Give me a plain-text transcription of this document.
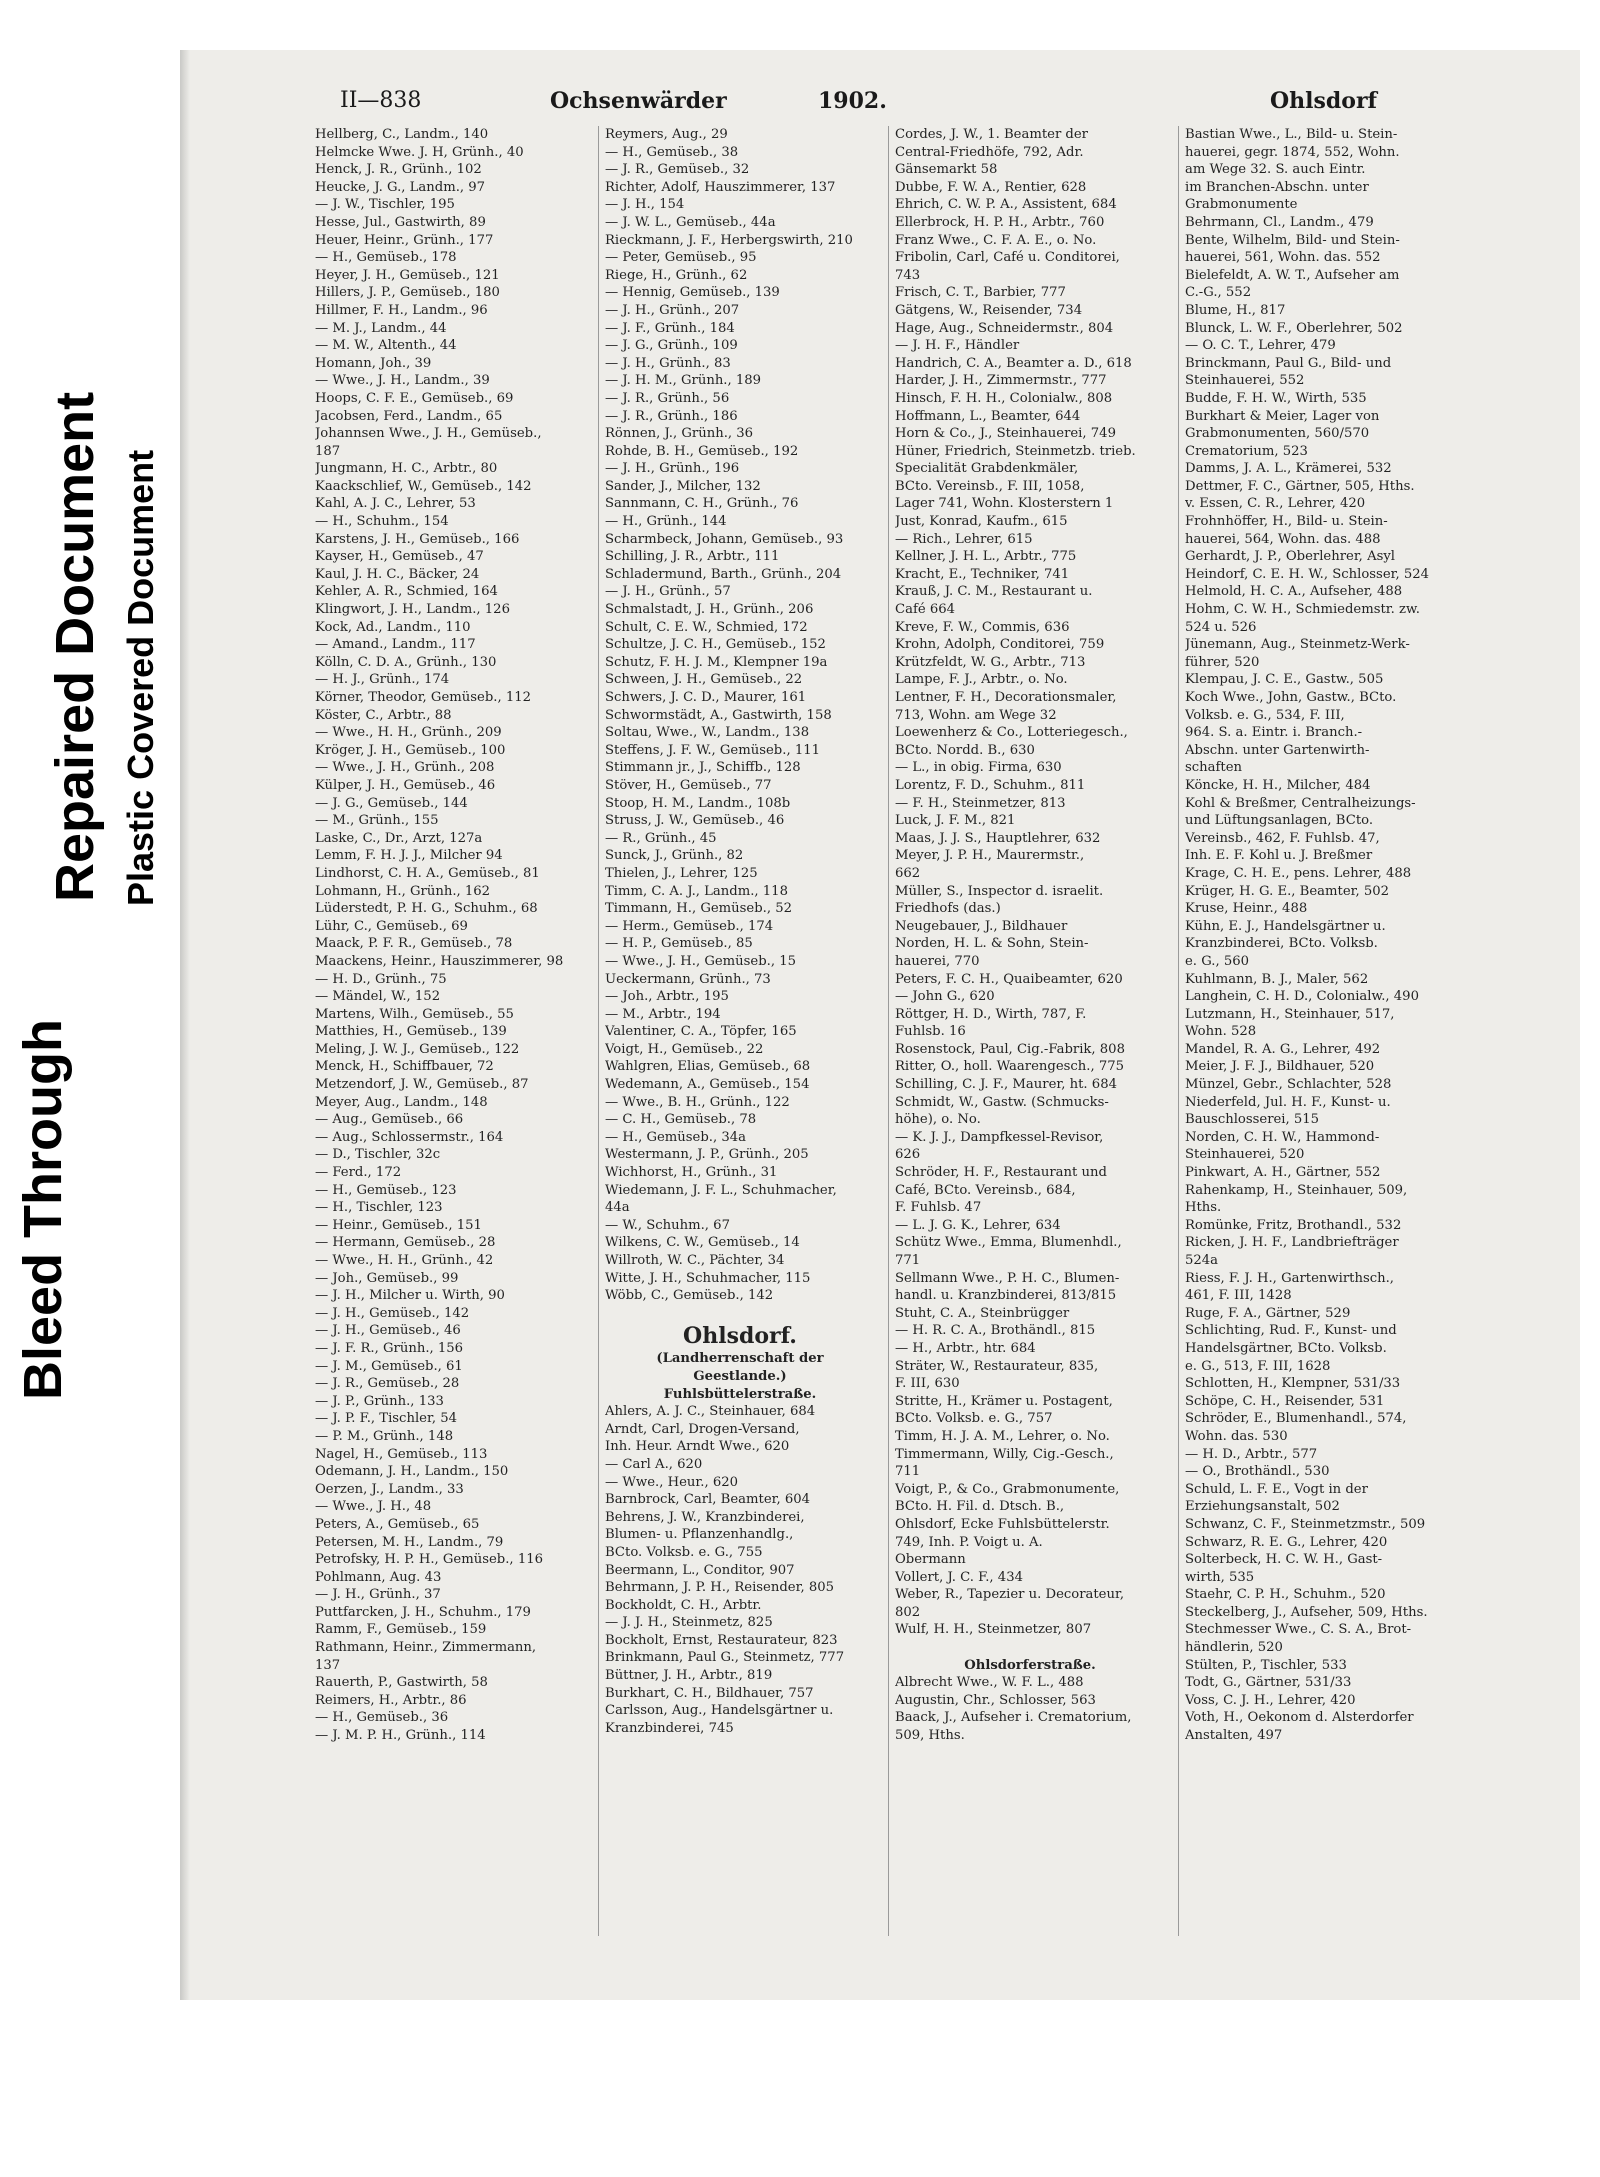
Bleed Through
Repaired Document Plastic Covered Document
II—838	Ochsenwärder	1902.	Ohlsdorf
Hellberg, C., Landm., 140
Helmcke Wwe. J. H, Grünh., 40
Henck, J. R., Grünh., 102
Heucke, J. G., Landm., 97
— J. W., Tischler, 195
Hesse, Jul., Gastwirth, 89
Heuer, Heinr., Grünh., 177
— H., Gemüseb., 178
Heyer, J. H., Gemüseb., 121
Hillers, J. P., Gemüseb., 180
Hillmer, F. H., Landm., 96
— M. J., Landm., 44
— M. W., Altenth., 44
Homann, Joh., 39
— Wwe., J. H., Landm., 39
Hoops, C. F. E., Gemüseb., 69
Jacobsen, Ferd., Landm., 65
Johannsen Wwe., J. H., Gemüseb.,
187
Jungmann, H. C., Arbtr., 80
Kaackschlief, W., Gemüseb., 142
Kahl, A. J. C., Lehrer, 53
— H., Schuhm., 154
Karstens, J. H., Gemüseb., 166
Kayser, H., Gemüseb., 47
Kaul, J. H. C., Bäcker, 24
Kehler, A. R., Schmied, 164
Klingwort, J. H., Landm., 126
Kock, Ad., Landm., 110
— Amand., Landm., 117
Kölln, C. D. A., Grünh., 130
— H. J., Grünh., 174
Körner, Theodor, Gemüseb., 112
Köster, C., Arbtr., 88
— Wwe., H. H., Grünh., 209
Kröger, J. H., Gemüseb., 100
— Wwe., J. H., Grünh., 208
Külper, J. H., Gemüseb., 46
— J. G., Gemüseb., 144
— M., Grünh., 155
Laske, C., Dr., Arzt, 127a
Lemm, F. H. J. J., Milcher 94
Lindhorst, C. H. A., Gemüseb., 81
Lohmann, H., Grünh., 162
Lüderstedt, P. H. G., Schuhm., 68
Lühr, C., Gemüseb., 69
Maack, P. F. R., Gemüseb., 78
Maackens, Heinr., Hauszimmerer, 98
— H. D., Grünh., 75
— Mändel, W., 152
Martens, Wilh., Gemüseb., 55
Matthies, H., Gemüseb., 139
Meling, J. W. J., Gemüseb., 122
Menck, H., Schiffbauer, 72
Metzendorf, J. W., Gemüseb., 87
Meyer, Aug., Landm., 148
— Aug., Gemüseb., 66
— Aug., Schlossermstr., 164
— D., Tischler, 32c
— Ferd., 172
— H., Gemüseb., 123
— H., Tischler, 123
— Heinr., Gemüseb., 151
— Hermann, Gemüseb., 28
— Wwe., H. H., Grünh., 42
— Joh., Gemüseb., 99
— J. H., Milcher u. Wirth, 90
— J. H., Gemüseb., 142
— J. H., Gemüseb., 46
— J. F. R., Grünh., 156
— J. M., Gemüseb., 61
— J. R., Gemüseb., 28
— J. P., Grünh., 133
— J. P. F., Tischler, 54
— P. M., Grünh., 148
Nagel, H., Gemüseb., 113
Odemann, J. H., Landm., 150
Oerzen, J., Landm., 33
— Wwe., J. H., 48
Peters, A., Gemüseb., 65
Petersen, M. H., Landm., 79
Petrofsky, H. P. H., Gemüseb., 116
Pohlmann, Aug. 43
— J. H., Grünh., 37
Puttfarcken, J. H., Schuhm., 179
Ramm, F., Gemüseb., 159
Rathmann, Heinr., Zimmermann,
137
Rauerth, P., Gastwirth, 58
Reimers, H., Arbtr., 86
— H., Gemüseb., 36
— J. M. P. H., Grünh., 114
Reymers, Aug., 29
— H., Gemüseb., 38
— J. R., Gemüseb., 32
Richter, Adolf, Hauszimmerer, 137
— J. H., 154
— J. W. L., Gemüseb., 44a
Rieckmann, J. F., Herbergswirth, 210
— Peter, Gemüseb., 95
Riege, H., Grünh., 62
— Hennig, Gemüseb., 139
— J. H., Grünh., 207
— J. F., Grünh., 184
— J. G., Grünh., 109
— J. H., Grünh., 83
— J. H. M., Grünh., 189
— J. R., Grünh., 56
— J. R., Grünh., 186
Rönnen, J., Grünh., 36
Rohde, B. H., Gemüseb., 192
— J. H., Grünh., 196
Sander, J., Milcher, 132
Sannmann, C. H., Grünh., 76
— H., Grünh., 144
Scharmbeck, Johann, Gemüseb., 93
Schilling, J. R., Arbtr., 111
Schladermund, Barth., Grünh., 204
— J. H., Grünh., 57
Schmalstadt, J. H., Grünh., 206
Schult, C. E. W., Schmied, 172
Schultze, J. C. H., Gemüseb., 152
Schutz, F. H. J. M., Klempner 19a
Schween, J. H., Gemüseb., 22
Schwers, J. C. D., Maurer, 161
Schwormstädt, A., Gastwirth, 158
Soltau, Wwe., W., Landm., 138
Steffens, J. F. W., Gemüseb., 111
Stimmann jr., J., Schiffb., 128
Stöver, H., Gemüseb., 77
Stoop, H. M., Landm., 108b
Struss, J. W., Gemüseb., 46
— R., Grünh., 45
Sunck, J., Grünh., 82
Thielen, J., Lehrer, 125
Timm, C. A. J., Landm., 118
Timmann, H., Gemüseb., 52
— Herm., Gemüseb., 174
— H. P., Gemüseb., 85
— Wwe., J. H., Gemüseb., 15
Ueckermann, Grünh., 73
— Joh., Arbtr., 195
— M., Arbtr., 194
Valentiner, C. A., Töpfer, 165
Voigt, H., Gemüseb., 22
Wahlgren, Elias, Gemüseb., 68
Wedemann, A., Gemüseb., 154
— Wwe., B. H., Grünh., 122
— C. H., Gemüseb., 78
— H., Gemüseb., 34a
Westermann, J. P., Grünh., 205
Wichhorst, H., Grünh., 31
Wiedemann, J. F. L., Schuhmacher,
44a
— W., Schuhm., 67
Wilkens, C. W., Gemüseb., 14
Willroth, W. C., Pächter, 34
Witte, J. H., Schuhmacher, 115
Wöbb, C., Gemüseb., 142

Ohlsdorf.
(Landherrenschaft der
Geestlande.)
Fuhlsbüttelerstraße.
Ahlers, A. J. C., Steinhauer, 684
Arndt, Carl, Drogen-Versand,
Inh. Heur. Arndt Wwe., 620
— Carl A., 620
— Wwe., Heur., 620
Barnbrock, Carl, Beamter, 604
Behrens, J. W., Kranzbinderei,
Blumen- u. Pflanzenhandlg.,
BCto. Volksb. e. G., 755
Beermann, L., Conditor, 907
Behrmann, J. P. H., Reisender, 805
Bockholdt, C. H., Arbtr.
— J. J. H., Steinmetz, 825
Bockholt, Ernst, Restaurateur, 823
Brinkmann, Paul G., Steinmetz, 777
Büttner, J. H., Arbtr., 819
Burkhart, C. H., Bildhauer, 757
Carlsson, Aug., Handelsgärtner u.
Kranzbinderei, 745
Cordes, J. W., 1. Beamter der
Central-Friedhöfe, 792, Adr.
Gänsemarkt 58
Dubbe, F. W. A., Rentier, 628
Ehrich, C. W. P. A., Assistent, 684
Ellerbrock, H. P. H., Arbtr., 760
Franz Wwe., C. F. A. E., o. No.
Fribolin, Carl, Café u. Conditorei,
743
Frisch, C. T., Barbier, 777
Gätgens, W., Reisender, 734
Hage, Aug., Schneidermstr., 804
— J. H. F., Händler
Handrich, C. A., Beamter a. D., 618
Harder, J. H., Zimmermstr., 777
Hinsch, F. H. H., Colonialw., 808
Hoffmann, L., Beamter, 644
Horn & Co., J., Steinhauerei, 749
Hüner, Friedrich, Steinmetzb. trieb.
Specialität Grabdenkmäler,
BCto. Vereinsb., F. III, 1058,
Lager 741, Wohn. Klosterstern 1
Just, Konrad, Kaufm., 615
— Rich., Lehrer, 615
Kellner, J. H. L., Arbtr., 775
Kracht, E., Techniker, 741
Krauß, J. C. M., Restaurant u.
Café 664
Kreve, F. W., Commis, 636
Krohn, Adolph, Conditorei, 759
Krützfeldt, W. G., Arbtr., 713
Lampe, F. J., Arbtr., o. No.
Lentner, F. H., Decorationsmaler,
713, Wohn. am Wege 32
Loewenherz & Co., Lotteriegesch.,
BCto. Nordd. B., 630
— L., in obig. Firma, 630
Lorentz, F. D., Schuhm., 811
— F. H., Steinmetzer, 813
Luck, J. F. M., 821
Maas, J. J. S., Hauptlehrer, 632
Meyer, J. P. H., Maurermstr.,
662
Müller, S., Inspector d. israelit.
Friedhofs (das.)
Neugebauer, J., Bildhauer
Norden, H. L. & Sohn, Stein-
hauerei, 770
Peters, F. C. H., Quaibeamter, 620
— John G., 620
Röttger, H. D., Wirth, 787, F.
Fuhlsb. 16
Rosenstock, Paul, Cig.-Fabrik, 808
Ritter, O., holl. Waarengesch., 775
Schilling, C. J. F., Maurer, ht. 684
Schmidt, W., Gastw. (Schmucks-
höhe), o. No.
— K. J. J., Dampfkessel-Revisor,
626
Schröder, H. F., Restaurant und
Café, BCto. Vereinsb., 684,
F. Fuhlsb. 47
— L. J. G. K., Lehrer, 634
Schütz Wwe., Emma, Blumenhdl.,
771
Sellmann Wwe., P. H. C., Blumen-
handl. u. Kranzbinderei, 813/815
Stuht, C. A., Steinbrügger
— H. R. C. A., Brothändl., 815
— H., Arbtr., htr. 684
Sträter, W., Restaurateur, 835,
F. III, 630
Stritte, H., Krämer u. Postagent,
BCto. Volksb. e. G., 757
Timm, H. J. A. M., Lehrer, o. No.
Timmermann, Willy, Cig.-Gesch.,
711
Voigt, P., & Co., Grabmonumente,
BCto. H. Fil. d. Dtsch. B.,
Ohlsdorf, Ecke Fuhlsbüttelerstr.
749, Inh. P. Voigt u. A.
Obermann
Vollert, J. C. F., 434
Weber, R., Tapezier u. Decorateur,
802
Wulf, H. H., Steinmetzer, 807

Ohlsdorferstraße.
Albrecht Wwe., W. F. L., 488
Augustin, Chr., Schlosser, 563
Baack, J., Aufseher i. Crematorium,
509, Hths.
Bastian Wwe., L., Bild- u. Stein-
hauerei, gegr. 1874, 552, Wohn.
am Wege 32. S. auch Eintr.
im Branchen-Abschn. unter
Grabmonumente
Behrmann, Cl., Landm., 479
Bente, Wilhelm, Bild- und Stein-
hauerei, 561, Wohn. das. 552
Bielefeldt, A. W. T., Aufseher am
C.-G., 552
Blume, H., 817
Blunck, L. W. F., Oberlehrer, 502
— O. C. T., Lehrer, 479
Brinckmann, Paul G., Bild- und
Steinhauerei, 552
Budde, F. H. W., Wirth, 535
Burkhart & Meier, Lager von
Grabmonumenten, 560/570
Crematorium, 523
Damms, J. A. L., Krämerei, 532
Dettmer, F. C., Gärtner, 505, Hths.
v. Essen, C. R., Lehrer, 420
Frohnhöffer, H., Bild- u. Stein-
hauerei, 564, Wohn. das. 488
Gerhardt, J. P., Oberlehrer, Asyl
Heindorf, C. E. H. W., Schlosser, 524
Helmold, H. C. A., Aufseher, 488
Hohm, C. W. H., Schmiedemstr. zw.
524 u. 526
Jünemann, Aug., Steinmetz-Werk-
führer, 520
Klempau, J. C. E., Gastw., 505
Koch Wwe., John, Gastw., BCto.
Volksb. e. G., 534, F. III,
964. S. a. Eintr. i. Branch.-
Abschn. unter Gartenwirth-
schaften
Köncke, H. H., Milcher, 484
Kohl & Breßmer, Centralheizungs-
und Lüftungsanlagen, BCto.
Vereinsb., 462, F. Fuhlsb. 47,
Inh. E. F. Kohl u. J. Breßmer
Krage, C. H. E., pens. Lehrer, 488
Krüger, H. G. E., Beamter, 502
Kruse, Heinr., 488
Kühn, E. J., Handelsgärtner u.
Kranzbinderei, BCto. Volksb.
e. G., 560
Kuhlmann, B. J., Maler, 562
Langhein, C. H. D., Colonialw., 490
Lutzmann, H., Steinhauer, 517,
Wohn. 528
Mandel, R. A. G., Lehrer, 492
Meier, J. F. J., Bildhauer, 520
Münzel, Gebr., Schlachter, 528
Niederfeld, Jul. H. F., Kunst- u.
Bauschlosserei, 515
Norden, C. H. W., Hammond-
Steinhauerei, 520
Pinkwart, A. H., Gärtner, 552
Rahenkamp, H., Steinhauer, 509,
Hths.
Romünke, Fritz, Brothandl., 532
Ricken, J. H. F., Landbriefträger
524a
Riess, F. J. H., Gartenwirthsch.,
461, F. III, 1428
Ruge, F. A., Gärtner, 529
Schlichting, Rud. F., Kunst- und
Handelsgärtner, BCto. Volksb.
e. G., 513, F. III, 1628
Schlotten, H., Klempner, 531/33
Schöpe, C. H., Reisender, 531
Schröder, E., Blumenhandl., 574,
Wohn. das. 530
— H. D., Arbtr., 577
— O., Brothändl., 530
Schuld, L. F. E., Vogt in der
Erziehungsanstalt, 502
Schwanz, C. F., Steinmetzmstr., 509
Schwarz, R. E. G., Lehrer, 420
Solterbeck, H. C. W. H., Gast-
wirth, 535
Staehr, C. P. H., Schuhm., 520
Steckelberg, J., Aufseher, 509, Hths.
Stechmesser Wwe., C. S. A., Brot-
händlerin, 520
Stülten, P., Tischler, 533
Todt, G., Gärtner, 531/33
Voss, C. J. H., Lehrer, 420
Voth, H., Oekonom d. Alsterdorfer
Anstalten, 497
